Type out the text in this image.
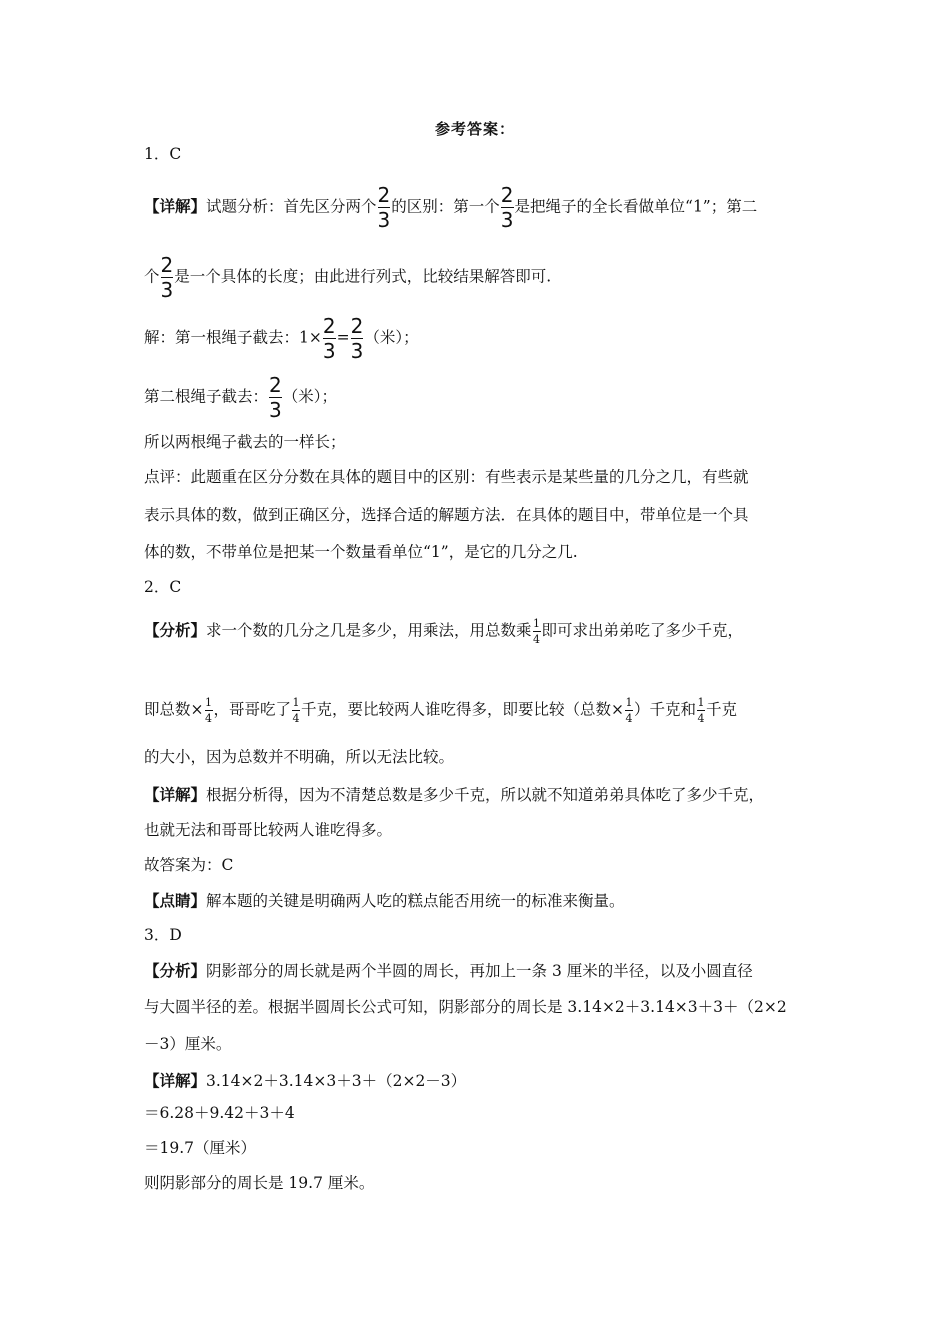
参考答案：
1．C
【详解】试题分析：首先区分两个 $\frac{2}{3}$ 的区别：第一个 $\frac{2}{3}$ 是把绳子的全长看做单位“1”；第二
个 $\frac{2}{3}$ 是一个具体的长度；由此进行列式，比较结果解答即可.
解：第一根绳子截去：$1\times \frac{2}{3} = \frac{2}{3}$ （米）；
第二根绳子截去： $\frac{2}{3}$ （米）；
所以两根绳子截去的一样长；
点评：此题重在区分分数在具体的题目中的区别：有些表示是某些量的几分之几，有些就
表示具体的数，做到正确区分，选择合适的解题方法．在具体的题目中，带单位是一个具
体的数，不带单位是把某一个数量看单位“1”，是它的几分之几.
2．C
【分析】求一个数的几分之几是多少，用乘法，用总数乘 $\frac{1}{4}$ 即可求出弟弟吃了多少千克，
即总数× $\frac{1}{4}$ ，哥哥吃了 $\frac{1}{4}$ 千克，要比较两人谁吃得多，即要比较（总数× $\frac{1}{4}$ ）千克和 $\frac{1}{4}$ 千克
的大小，因为总数并不明确，所以无法比较。
【详解】根据分析得，因为不清楚总数是多少千克，所以就不知道弟弟具体吃了多少千克，
也就无法和哥哥比较两人谁吃得多。
故答案为：C
【点睛】解本题的关键是明确两人吃的糕点能否用统一的标准来衡量。
3．D
【分析】阴影部分的周长就是两个半圆的周长，再加上一条 3 厘米的半径，以及小圆直径
与大圆半径的差。根据半圆周长公式可知，阴影部分的周长是 3.14×2＋3.14×3＋3＋（2×2
－3）厘米。
【详解】3.14×2＋3.14×3＋3＋（2×2－3）
＝6.28＋9.42＋3＋4
＝19.7（厘米）
则阴影部分的周长是 19.7 厘米。
